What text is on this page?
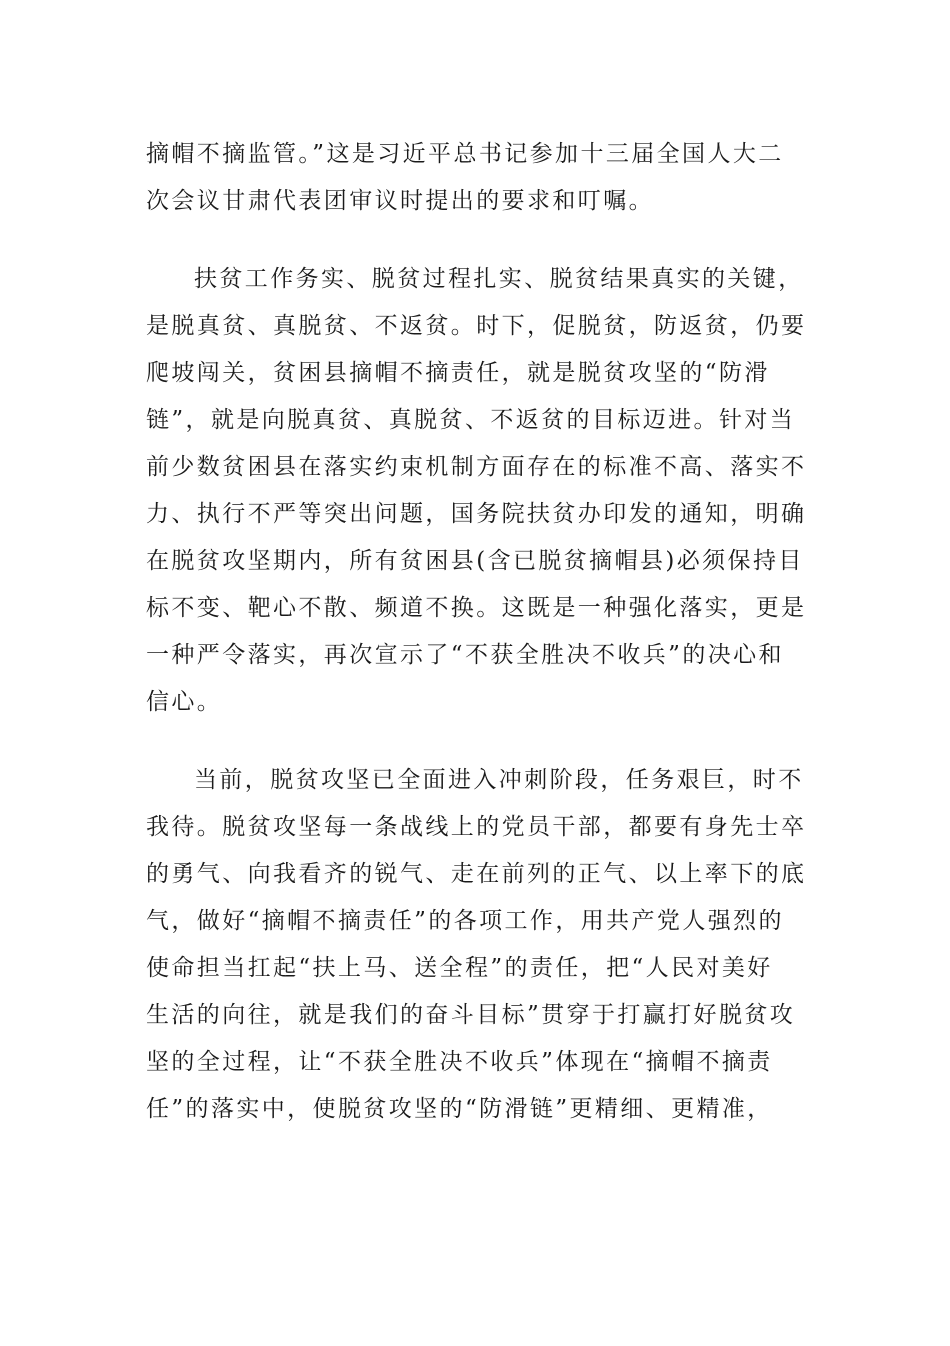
摘帽不摘监管。”这是习近平总书记参加十三届全国人大二
次会议甘肃代表团审议时提出的要求和叮嘱。
扶贫工作务实、脱贫过程扎实、脱贫结果真实的关键，
是脱真贫、真脱贫、不返贫。时下，促脱贫，防返贫，仍要
爬坡闯关，贫困县摘帽不摘责任，就是脱贫攻坚的“防滑
链”，就是向脱真贫、真脱贫、不返贫的目标迈进。针对当
前少数贫困县在落实约束机制方面存在的标准不高、落实不
力、执行不严等突出问题，国务院扶贫办印发的通知，明确
在脱贫攻坚期内，所有贫困县(含已脱贫摘帽县)必须保持目
标不变、靶心不散、频道不换。这既是一种强化落实，更是
一种严令落实，再次宣示了“不获全胜决不收兵”的决心和
信心。
当前，脱贫攻坚已全面进入冲刺阶段，任务艰巨，时不
我待。脱贫攻坚每一条战线上的党员干部，都要有身先士卒
的勇气、向我看齐的锐气、走在前列的正气、以上率下的底
气，做好“摘帽不摘责任”的各项工作，用共产党人强烈的
使命担当扛起“扶上马、送全程”的责任，把“人民对美好
生活的向往，就是我们的奋斗目标”贯穿于打赢打好脱贫攻
坚的全过程，让“不获全胜决不收兵”体现在“摘帽不摘责
任”的落实中，使脱贫攻坚的“防滑链”更精细、更精准，
